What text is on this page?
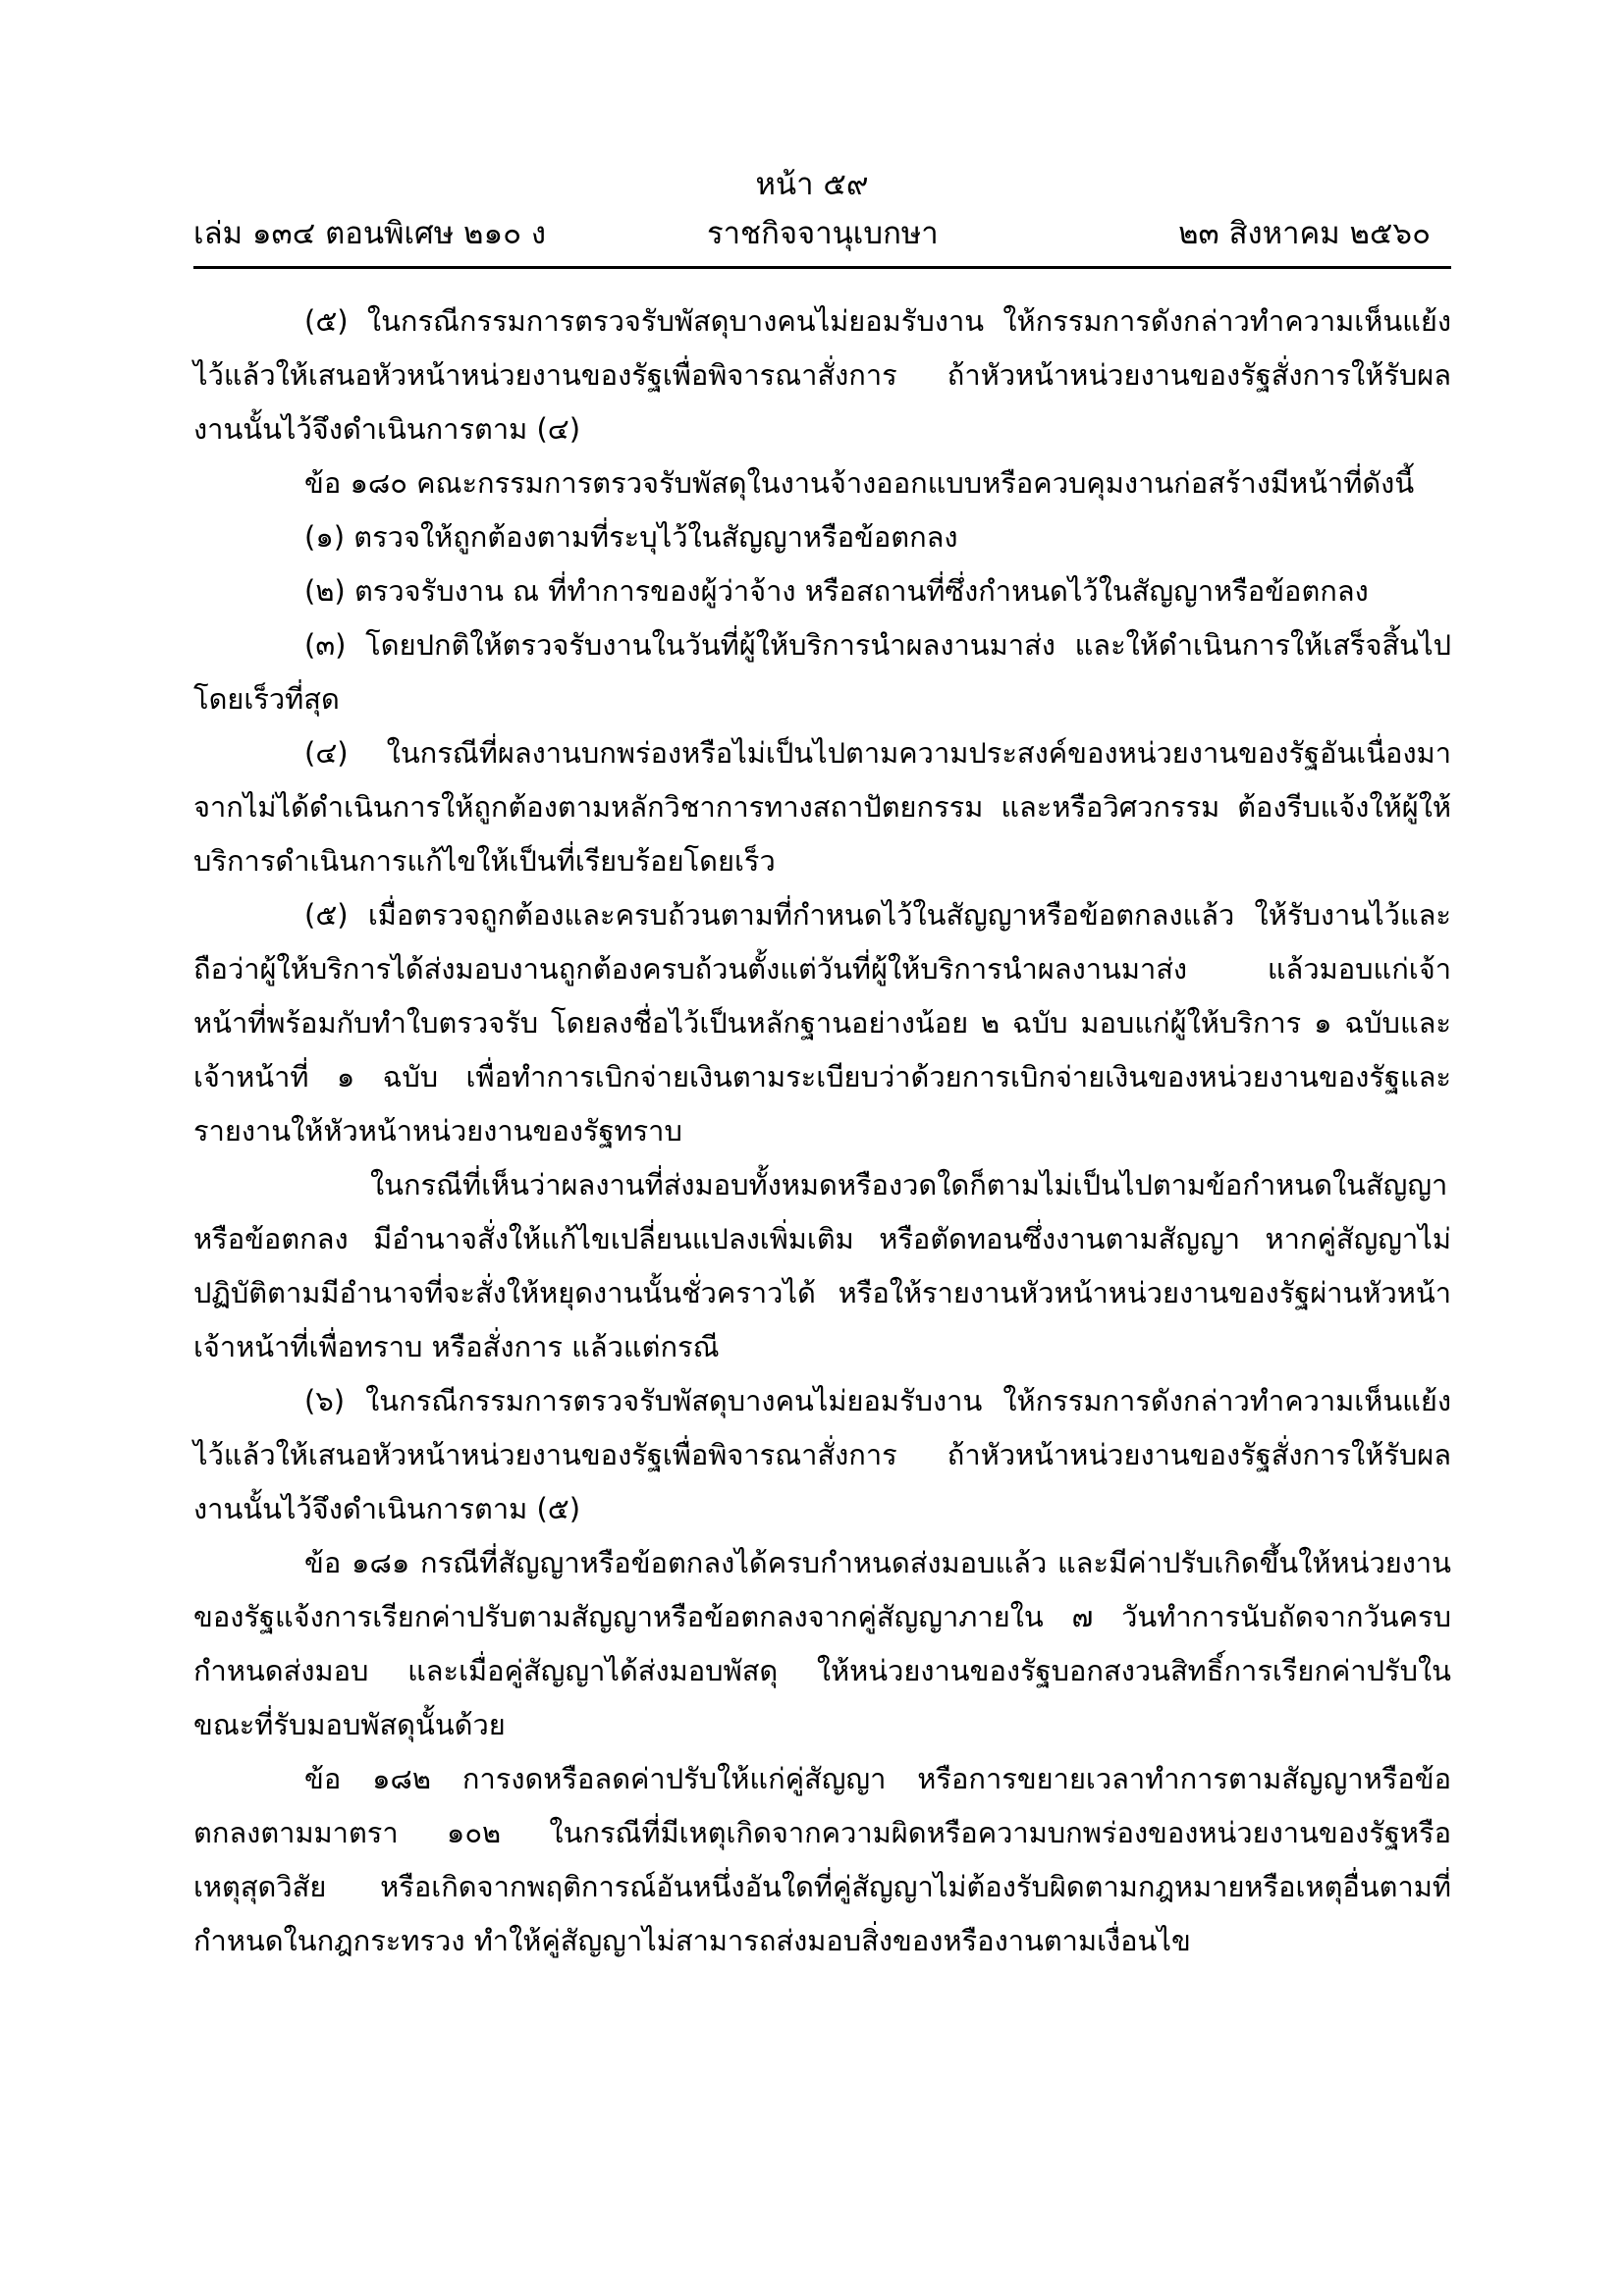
หน้า ๕๙
เล่ม ๑๓๔ ตอนพิเศษ ๒๑๐ ง	ราชกิจจานุเบกษา	๒๓ สิงหาคม ๒๕๖๐

(๕) ในกรณีกรรมการตรวจรับพัสดุบางคนไม่ยอมรับงาน ให้กรรมการดังกล่าวทำความเห็นแย้งไว้แล้วให้เสนอหัวหน้าหน่วยงานของรัฐเพื่อพิจารณาสั่งการ ถ้าหัวหน้าหน่วยงานของรัฐสั่งการให้รับผลงานนั้นไว้จึงดำเนินการตาม (๔)

ข้อ ๑๘๐ คณะกรรมการตรวจรับพัสดุในงานจ้างออกแบบหรือควบคุมงานก่อสร้างมีหน้าที่ดังนี้

(๑) ตรวจให้ถูกต้องตามที่ระบุไว้ในสัญญาหรือข้อตกลง

(๒) ตรวจรับงาน ณ ที่ทำการของผู้ว่าจ้าง หรือสถานที่ซึ่งกำหนดไว้ในสัญญาหรือข้อตกลง

(๓) โดยปกติให้ตรวจรับงานในวันที่ผู้ให้บริการนำผลงานมาส่ง และให้ดำเนินการให้เสร็จสิ้นไปโดยเร็วที่สุด

(๔) ในกรณีที่ผลงานบกพร่องหรือไม่เป็นไปตามความประสงค์ของหน่วยงานของรัฐอันเนื่องมาจากไม่ได้ดำเนินการให้ถูกต้องตามหลักวิชาการทางสถาปัตยกรรม และหรือวิศวกรรม ต้องรีบแจ้งให้ผู้ให้บริการดำเนินการแก้ไขให้เป็นที่เรียบร้อยโดยเร็ว

(๕) เมื่อตรวจถูกต้องและครบถ้วนตามที่กำหนดไว้ในสัญญาหรือข้อตกลงแล้ว ให้รับงานไว้และถือว่าผู้ให้บริการได้ส่งมอบงานถูกต้องครบถ้วนตั้งแต่วันที่ผู้ให้บริการนำผลงานมาส่ง แล้วมอบแก่เจ้าหน้าที่พร้อมกับทำใบตรวจรับ โดยลงชื่อไว้เป็นหลักฐานอย่างน้อย ๒ ฉบับ มอบแก่ผู้ให้บริการ ๑ ฉบับและเจ้าหน้าที่ ๑ ฉบับ เพื่อทำการเบิกจ่ายเงินตามระเบียบว่าด้วยการเบิกจ่ายเงินของหน่วยงานของรัฐและรายงานให้หัวหน้าหน่วยงานของรัฐทราบ

ในกรณีที่เห็นว่าผลงานที่ส่งมอบทั้งหมดหรืองวดใดก็ตามไม่เป็นไปตามข้อกำหนดในสัญญาหรือข้อตกลง มีอำนาจสั่งให้แก้ไขเปลี่ยนแปลงเพิ่มเติม หรือตัดทอนซึ่งงานตามสัญญา หากคู่สัญญาไม่ปฏิบัติตามมีอำนาจที่จะสั่งให้หยุดงานนั้นชั่วคราวได้ หรือให้รายงานหัวหน้าหน่วยงานของรัฐผ่านหัวหน้าเจ้าหน้าที่เพื่อทราบ หรือสั่งการ แล้วแต่กรณี

(๖) ในกรณีกรรมการตรวจรับพัสดุบางคนไม่ยอมรับงาน ให้กรรมการดังกล่าวทำความเห็นแย้งไว้แล้วให้เสนอหัวหน้าหน่วยงานของรัฐเพื่อพิจารณาสั่งการ ถ้าหัวหน้าหน่วยงานของรัฐสั่งการให้รับผลงานนั้นไว้จึงดำเนินการตาม (๕)

ข้อ ๑๘๑ กรณีที่สัญญาหรือข้อตกลงได้ครบกำหนดส่งมอบแล้ว และมีค่าปรับเกิดขึ้นให้หน่วยงานของรัฐแจ้งการเรียกค่าปรับตามสัญญาหรือข้อตกลงจากคู่สัญญาภายใน ๗ วันทำการนับถัดจากวันครบกำหนดส่งมอบ และเมื่อคู่สัญญาได้ส่งมอบพัสดุ ให้หน่วยงานของรัฐบอกสงวนสิทธิ์การเรียกค่าปรับในขณะที่รับมอบพัสดุนั้นด้วย

ข้อ ๑๘๒ การงดหรือลดค่าปรับให้แก่คู่สัญญา หรือการขยายเวลาทำการตามสัญญาหรือข้อตกลงตามมาตรา ๑๐๒ ในกรณีที่มีเหตุเกิดจากความผิดหรือความบกพร่องของหน่วยงานของรัฐหรือเหตุสุดวิสัย หรือเกิดจากพฤติการณ์อันหนึ่งอันใดที่คู่สัญญาไม่ต้องรับผิดตามกฎหมายหรือเหตุอื่นตามที่กำหนดในกฎกระทรวง ทำให้คู่สัญญาไม่สามารถส่งมอบสิ่งของหรืองานตามเงื่อนไข
